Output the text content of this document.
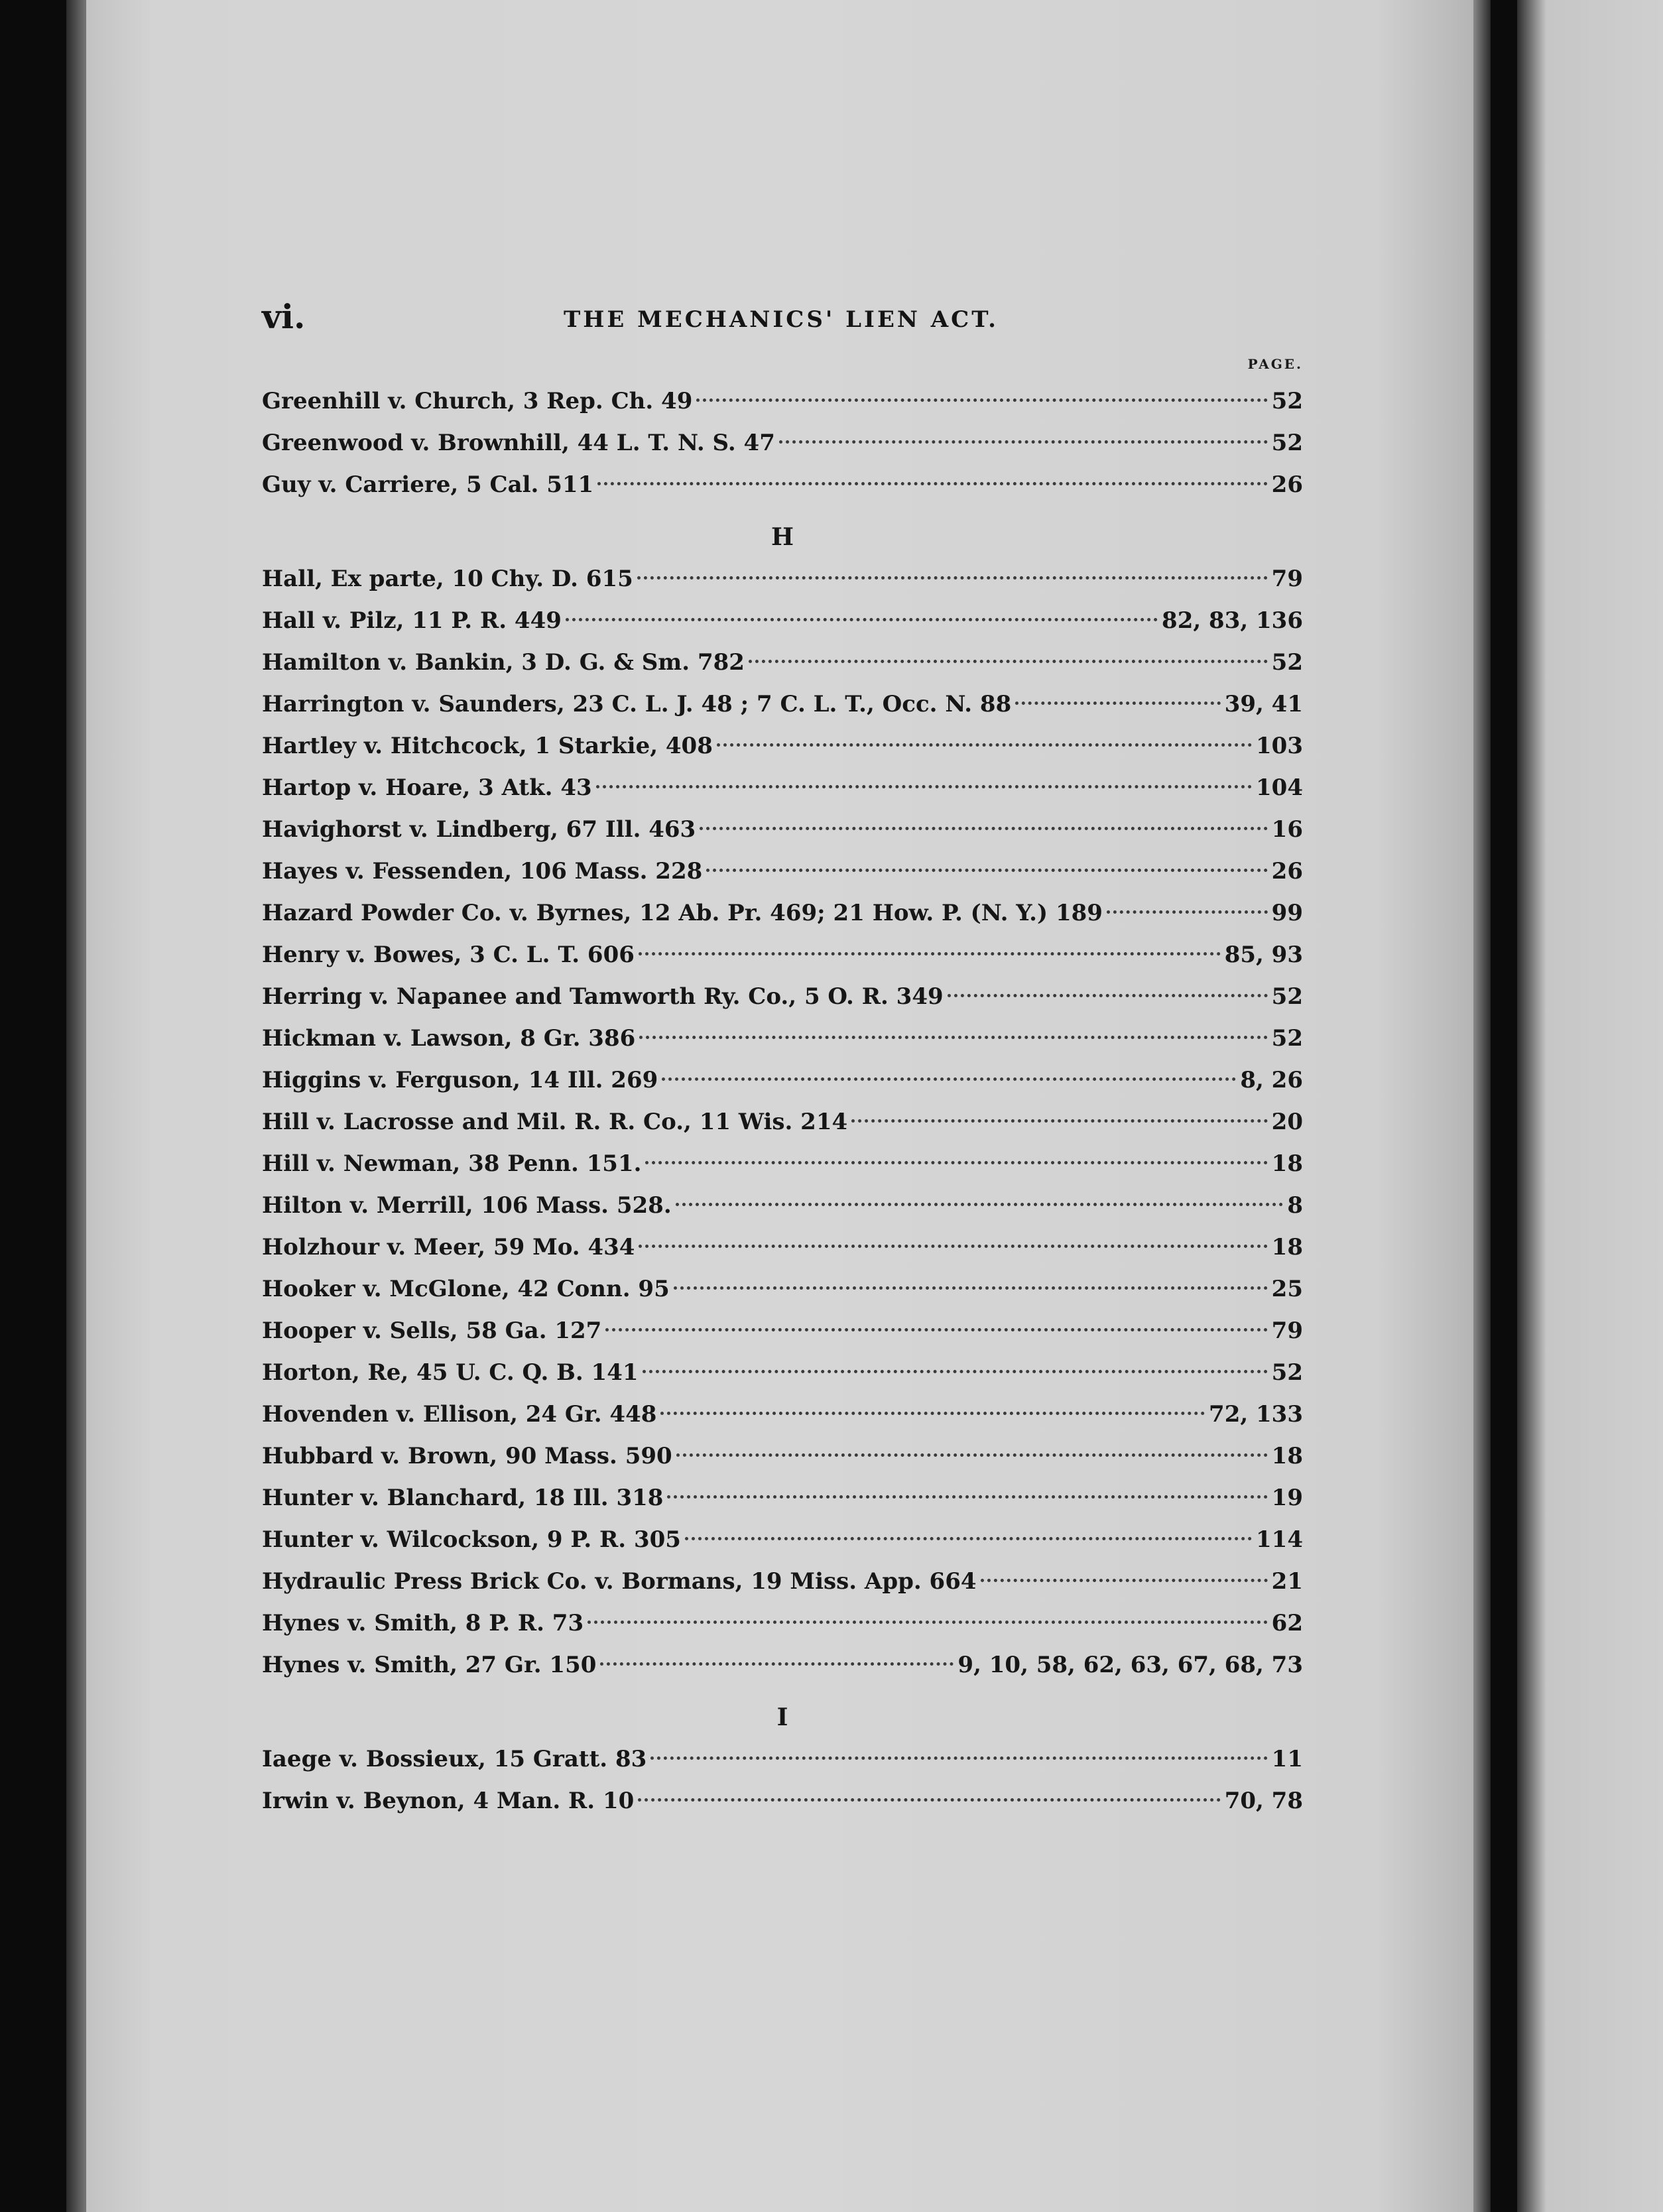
vi.	THE MECHANICS' LIEN ACT.
PAGE.
Greenhill v. Church, 3 Rep. Ch. 49	52
Greenwood v. Brownhill, 44 L. T. N. S. 47	52
Guy v. Carriere, 5 Cal. 511	26
H
Hall, Ex parte, 10 Chy. D. 615	79
Hall v. Pilz, 11 P. R. 449	82, 83, 136
Hamilton v. Bankin, 3 D. G. & Sm. 782	52
Harrington v. Saunders, 23 C. L. J. 48 ; 7 C. L. T., Occ. N. 88	39, 41
Hartley v. Hitchcock, 1 Starkie, 408	103
Hartop v. Hoare, 3 Atk. 43	104
Havighorst v. Lindberg, 67 Ill. 463	16
Hayes v. Fessenden, 106 Mass. 228	26
Hazard Powder Co. v. Byrnes, 12 Ab. Pr. 469; 21 How. P. (N. Y.) 189	99
Henry v. Bowes, 3 C. L. T. 606	85, 93
Herring v. Napanee and Tamworth Ry. Co., 5 O. R. 349	52
Hickman v. Lawson, 8 Gr. 386	52
Higgins v. Ferguson, 14 Ill. 269	8, 26
Hill v. Lacrosse and Mil. R. R. Co., 11 Wis. 214	20
Hill v. Newman, 38 Penn. 151.	18
Hilton v. Merrill, 106 Mass. 528.	8
Holzhour v. Meer, 59 Mo. 434	18
Hooker v. McGlone, 42 Conn. 95	25
Hooper v. Sells, 58 Ga. 127	79
Horton, Re, 45 U. C. Q. B. 141	52
Hovenden v. Ellison, 24 Gr. 448	72, 133
Hubbard v. Brown, 90 Mass. 590	18
Hunter v. Blanchard, 18 Ill. 318	19
Hunter v. Wilcockson, 9 P. R. 305	114
Hydraulic Press Brick Co. v. Bormans, 19 Miss. App. 664	21
Hynes v. Smith, 8 P. R. 73	62
Hynes v. Smith, 27 Gr. 150	9, 10, 58, 62, 63, 67, 68, 73
I
Iaege v. Bossieux, 15 Gratt. 83	11
Irwin v. Beynon, 4 Man. R. 10	70, 78
